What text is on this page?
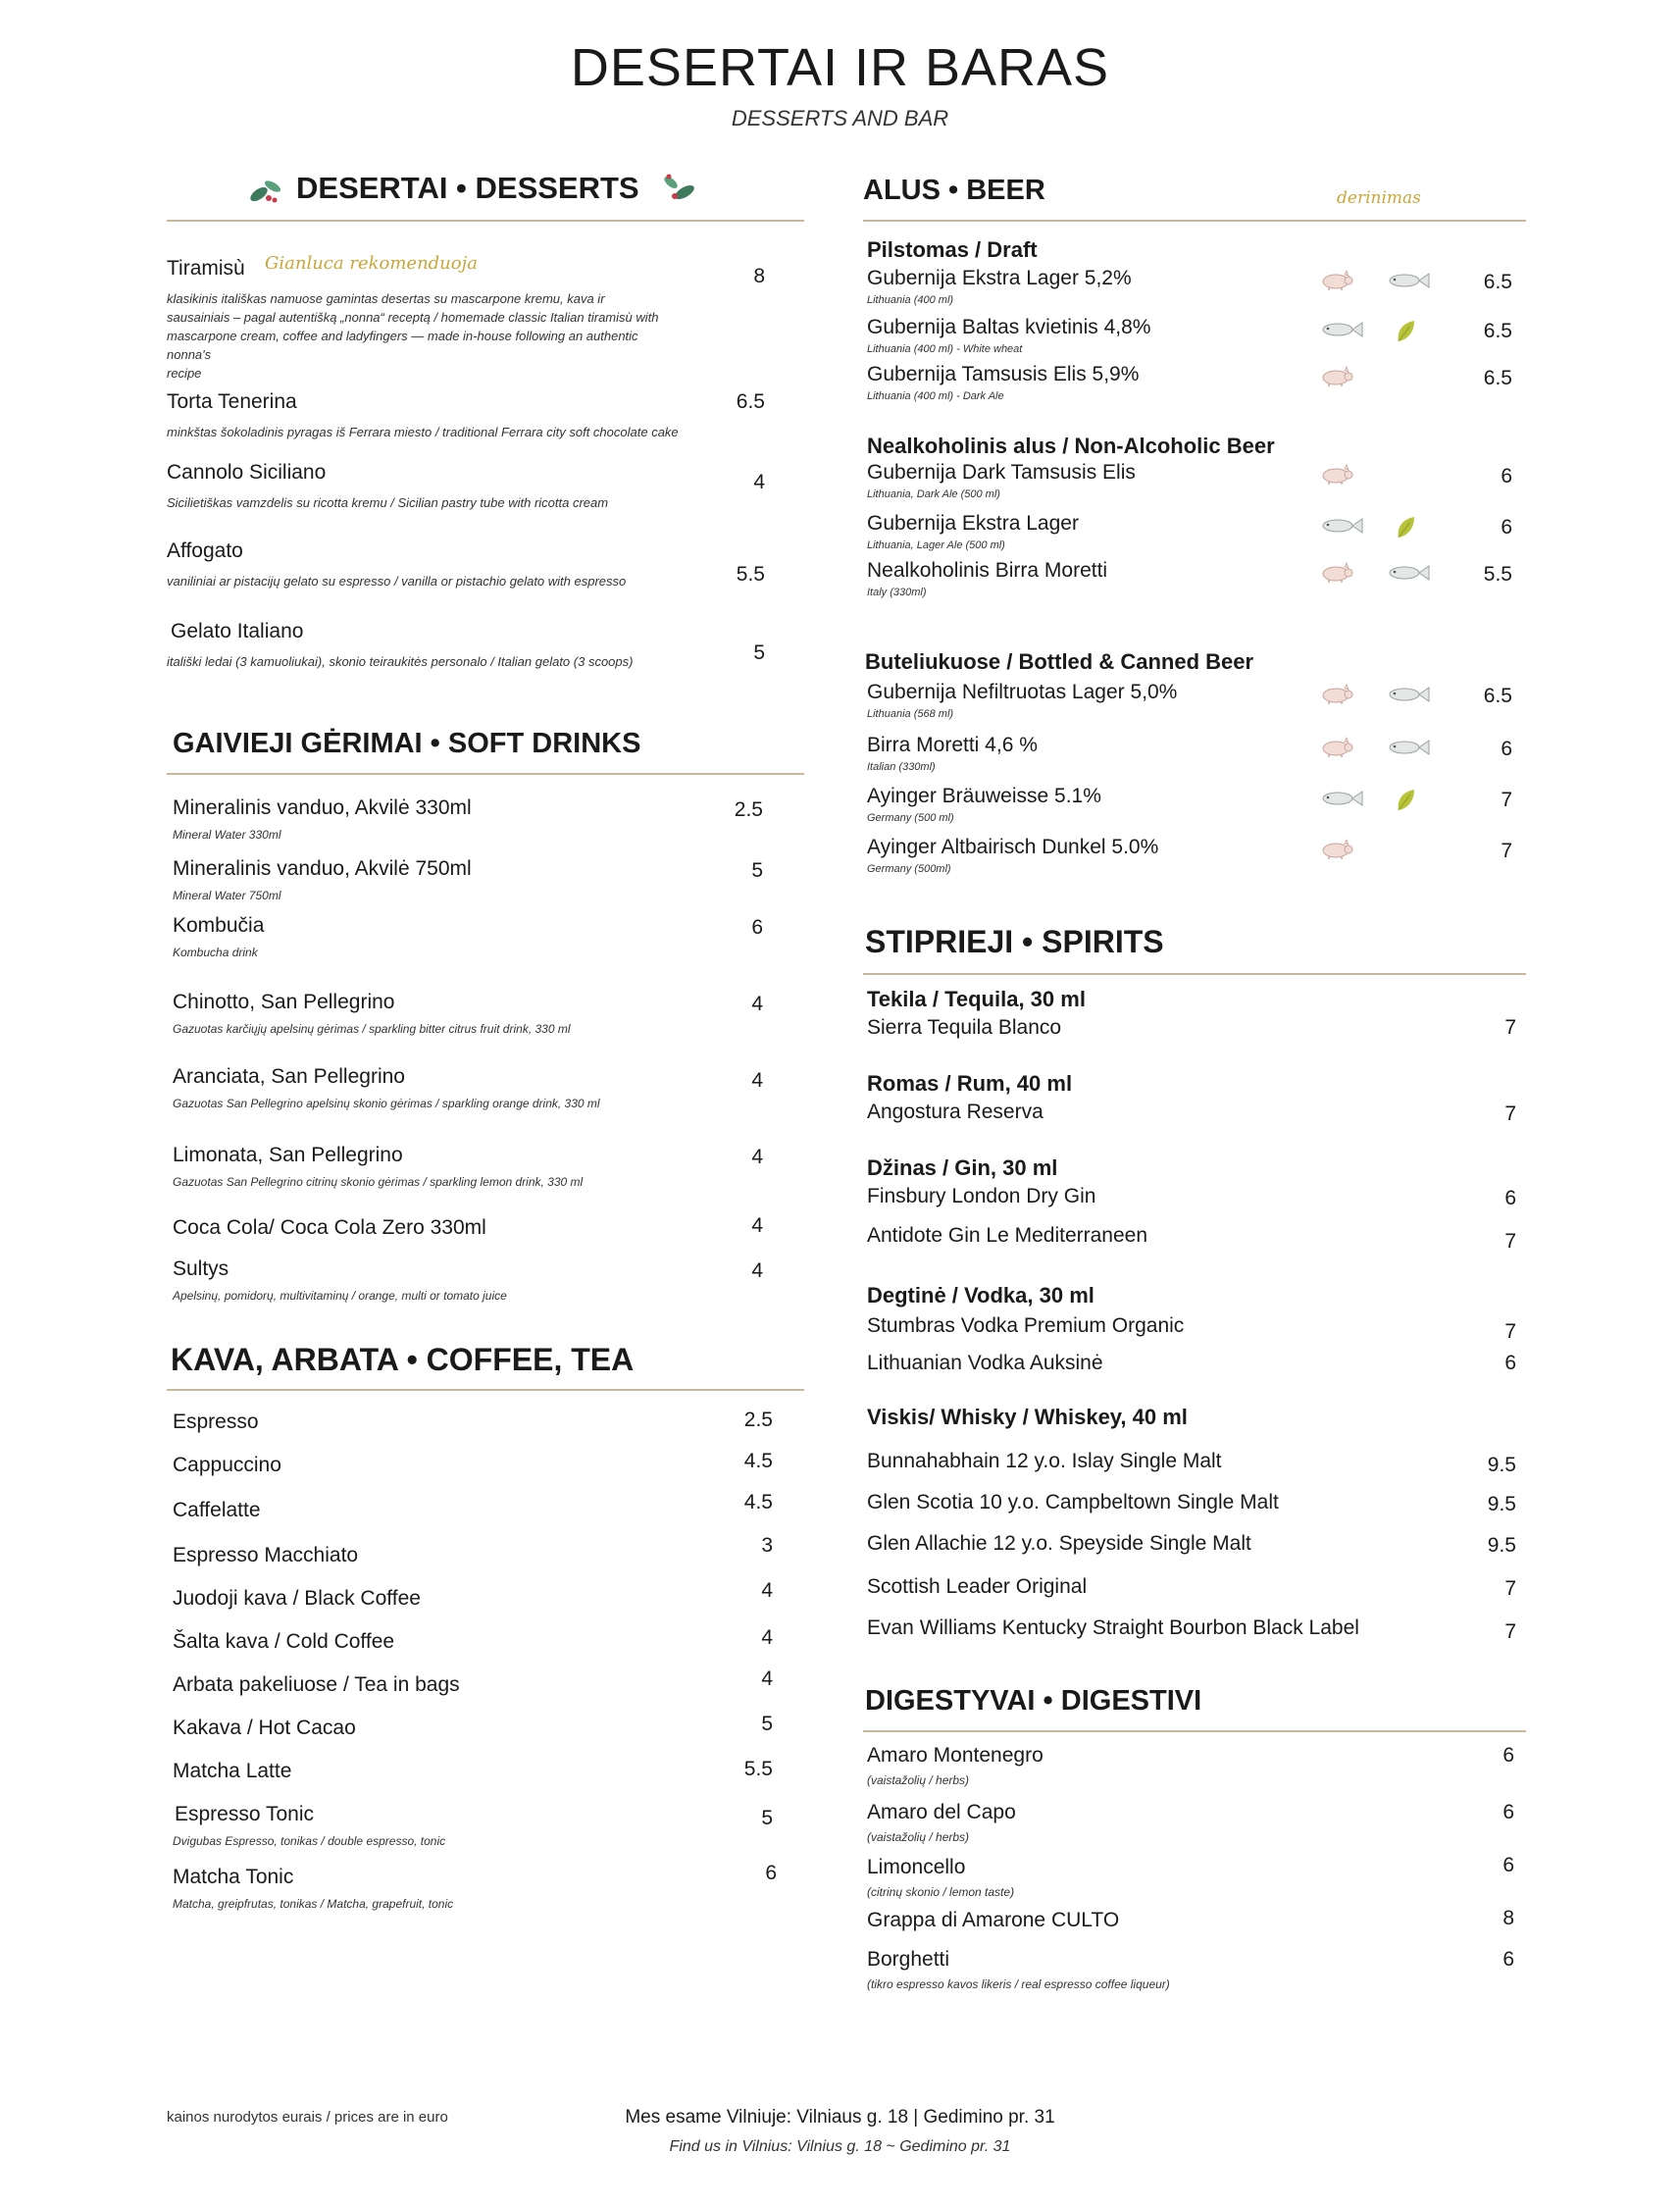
DESERTAI IR BARAS
DESSERTS AND BAR
DESERTAI • DESSERTS
GAIVIEJI GĖRIMAI • SOFT DRINKS
KAVA, ARBATA • COFFEE, TEA
ALUS • BEER	derinimas
STIPRIEJI • SPIRITS
DIGESTYVAI • DIGESTIVI
kainos nurodytos eurais / prices are in euro	Mes esame Vilniuje: Vilniaus g. 18 | Gedimino pr. 31
Find us in Vilnius: Vilnius g. 18 ~ Gedimino pr. 31
Tiramisù
klasikinis itališkas namuose gamintas desertas su mascarpone kremu, kava ir
sausainiais – pagal autentišką „nonna“ receptą / homemade classic Italian tiramisù with
mascarpone cream, coffee and ladyfingers — made in-house following an authentic
nonna's
recipe
8
Torta Tenerina
minkštas šokoladinis pyragas iš Ferrara miesto / traditional Ferrara city soft chocolate cake
6.5
Cannolo Siciliano
Sicilietiškas vamzdelis su ricotta kremu / Sicilian pastry tube with ricotta cream
4
Affogato
vaniliniai ar pistacijų gelato su espresso / vanilla or pistachio gelato with espresso	5.5
Gelato Italiano
itališki ledai (3 kamuoliukai), skonio teiraukitės personalo / Italian gelato (3 scoops)	5
Gianluca rekomenduoja
Mineralinis vanduo, Akvilė 330ml
Mineral Water 330ml
2.5
Mineralinis vanduo, Akvilė 750ml
Mineral Water 750ml
5
Kombučia
Kombucha drink
6
Chinotto, San Pellegrino
Gazuotas karčiųjų apelsinų gėrimas / sparkling bitter citrus fruit drink, 330 ml
4
Aranciata, San Pellegrino
Gazuotas San Pellegrino apelsinų skonio gėrimas / sparkling orange drink, 330 ml
4
Limonata, San Pellegrino
Gazuotas San Pellegrino citrinų skonio gėrimas / sparkling lemon drink, 330 ml
4
Coca Cola/ Coca Cola Zero 330ml	4
Sultys
Apelsinų, pomidorų, multivitaminų / orange, multi or tomato juice
4
Espresso	2.5
Cappuccino	4.5
Caffelatte	4.5
Espresso Macchiato	3
Juodoji kava / Black Coffee	4
Šalta kava / Cold Coffee	4
Arbata pakeliuose / Tea in bags	4
Kakava / Hot Cacao	5
Matcha Latte	5.5
Espresso Tonic
Dvigubas Espresso, tonikas / double espresso, tonic
5
Matcha Tonic
Matcha, greipfrutas, tonikas / Matcha, grapefruit, tonic
6
Pilstomas / Draft
Gubernija Ekstra Lager 5,2%
Lithuania (400 ml)
6.5
Gubernija Baltas kvietinis 4,8%
Lithuania (400 ml) - White wheat
6.5
Gubernija Tamsusis Elis 5,9%
Lithuania (400 ml) - Dark Ale
6.5
Nealkoholinis alus / Non-Alcoholic Beer
Gubernija Dark Tamsusis Elis
Lithuania, Dark Ale (500 ml)
6
Gubernija Ekstra Lager
Lithuania, Lager Ale (500 ml)
6
Nealkoholinis Birra Moretti
Italy (330ml)
5.5
Buteliukuose / Bottled & Canned Beer
Gubernija Nefiltruotas Lager 5,0%
Lithuania (568 ml)
6.5
Birra Moretti 4,6 %
Italian (330ml)
6
Ayinger Bräuweisse 5.1%
Germany (500 ml)
7
Ayinger Altbairisch Dunkel 5.0%
Germany (500ml)
7
Tekila / Tequila, 30 ml
Sierra Tequila Blanco	7
Romas / Rum, 40 ml
Angostura Reserva	7
Džinas / Gin, 30 ml
Finsbury London Dry Gin	6
Antidote Gin Le Mediterraneen	7
Degtinė / Vodka, 30 ml
Stumbras Vodka Premium Organic	7
Lithuanian Vodka Auksinė	6
Viskis/ Whisky / Whiskey, 40 ml
Bunnahabhain 12 y.o. Islay Single Malt	9.5
Glen Scotia 10 y.o. Campbeltown Single Malt	9.5
Glen Allachie 12 y.o. Speyside Single Malt	9.5
Scottish Leader Original	7
Evan Williams Kentucky Straight Bourbon Black Label	7
Amaro Montenegro
(vaistažolių / herbs)
6
Amaro del Capo
(vaistažolių / herbs)
6
Limoncello
(citrinų skonio / lemon taste)
6
Grappa di Amarone CULTO	8
Borghetti
(tikro espresso kavos likeris / real espresso coffee liqueur)
6
